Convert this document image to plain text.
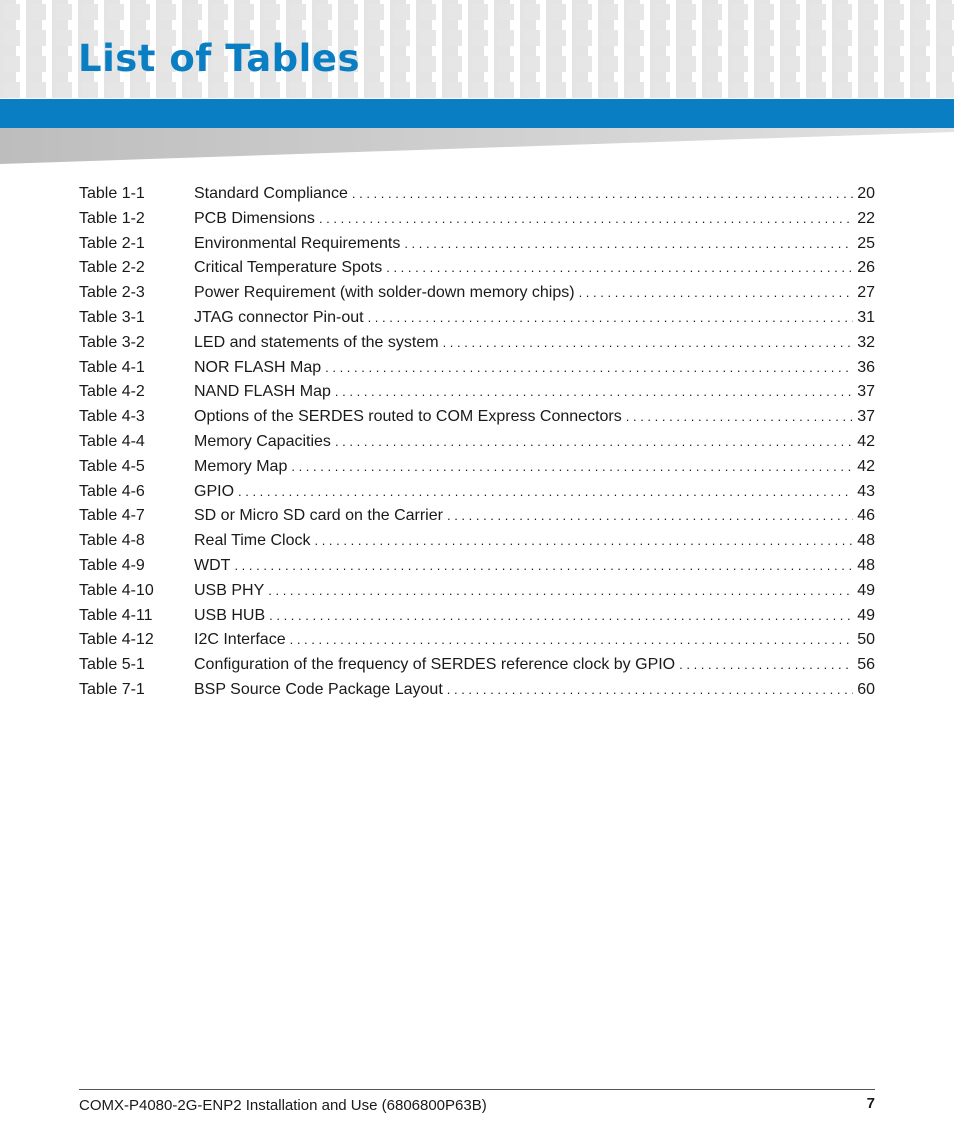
List of Tables
Table 1-1	Standard Compliance . . .	20
Table 1-2	PCB Dimensions . . .	22
Table 2-1	Environmental Requirements . . .	25
Table 2-2	Critical Temperature Spots . . .	26
Table 2-3	Power Requirement (with solder-down memory chips) . . .	27
Table 3-1	JTAG connector Pin-out . . .	31
Table 3-2	LED and statements of the system . . .	32
Table 4-1	NOR FLASH Map . . .	36
Table 4-2	NAND FLASH Map . . .	37
Table 4-3	Options of the SERDES routed to COM Express Connectors . . .	37
Table 4-4	Memory Capacities . . .	42
Table 4-5	Memory Map . . .	42
Table 4-6	GPIO . . .	43
Table 4-7	SD or Micro SD card on the Carrier . . .	46
Table 4-8	Real Time Clock . . .	48
Table 4-9	WDT . . .	48
Table 4-10	USB PHY . . .	49
Table 4-11	USB HUB . . .	49
Table 4-12	I2C Interface . . .	50
Table 5-1	Configuration of the frequency of SERDES reference clock by GPIO . . .	56
Table 7-1	BSP Source Code Package Layout . . .	60
COMX-P4080-2G-ENP2 Installation and Use (6806800P63B)	7
